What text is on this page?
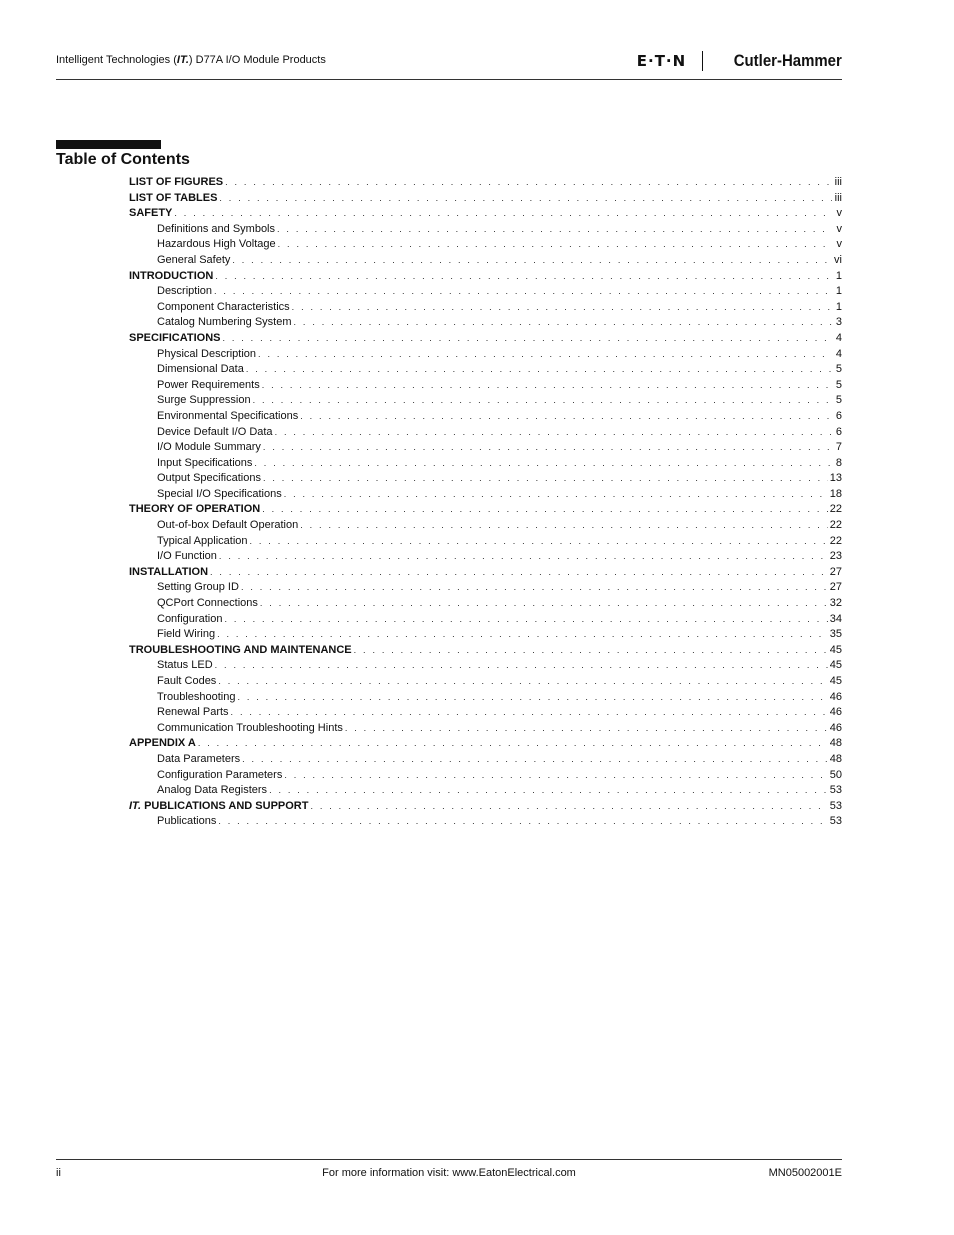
Intelligent Technologies (IT.) D77A I/O Module Products	E·T·N	Cutler-Hammer
Table of Contents
LIST OF FIGURES . . .	iii
LIST OF TABLES . . .	iii
SAFETY . . .	v
Definitions and Symbols . . .	v
Hazardous High Voltage . . .	v
General Safety . . .	vi
INTRODUCTION . . .	1
Description . . .	1
Component Characteristics . . .	1
Catalog Numbering System . . .	3
SPECIFICATIONS . . .	4
Physical Description . . .	4
Dimensional Data . . .	5
Power Requirements . . .	5
Surge Suppression . . .	5
Environmental Specifications . . .	6
Device Default I/O Data . . .	6
I/O Module Summary . . .	7
Input Specifications . . .	8
Output Specifications . . .	13
Special I/O Specifications . . .	18
THEORY OF OPERATION . . .	22
Out-of-box Default Operation . . .	22
Typical Application . . .	22
I/O Function . . .	23
INSTALLATION . . .	27
Setting Group ID . . .	27
QCPort Connections . . .	32
Configuration . . .	34
Field Wiring . . .	35
TROUBLESHOOTING AND MAINTENANCE . . .	45
Status LED . . .	45
Fault Codes . . .	45
Troubleshooting . . .	46
Renewal Parts . . .	46
Communication Troubleshooting Hints . . .	46
APPENDIX A . . .	48
Data Parameters . . .	48
Configuration Parameters . . .	50
Analog Data Registers . . .	53
IT. PUBLICATIONS AND SUPPORT . . .	53
Publications . . .	53
ii	For more information visit: www.EatonElectrical.com	MN05002001E
